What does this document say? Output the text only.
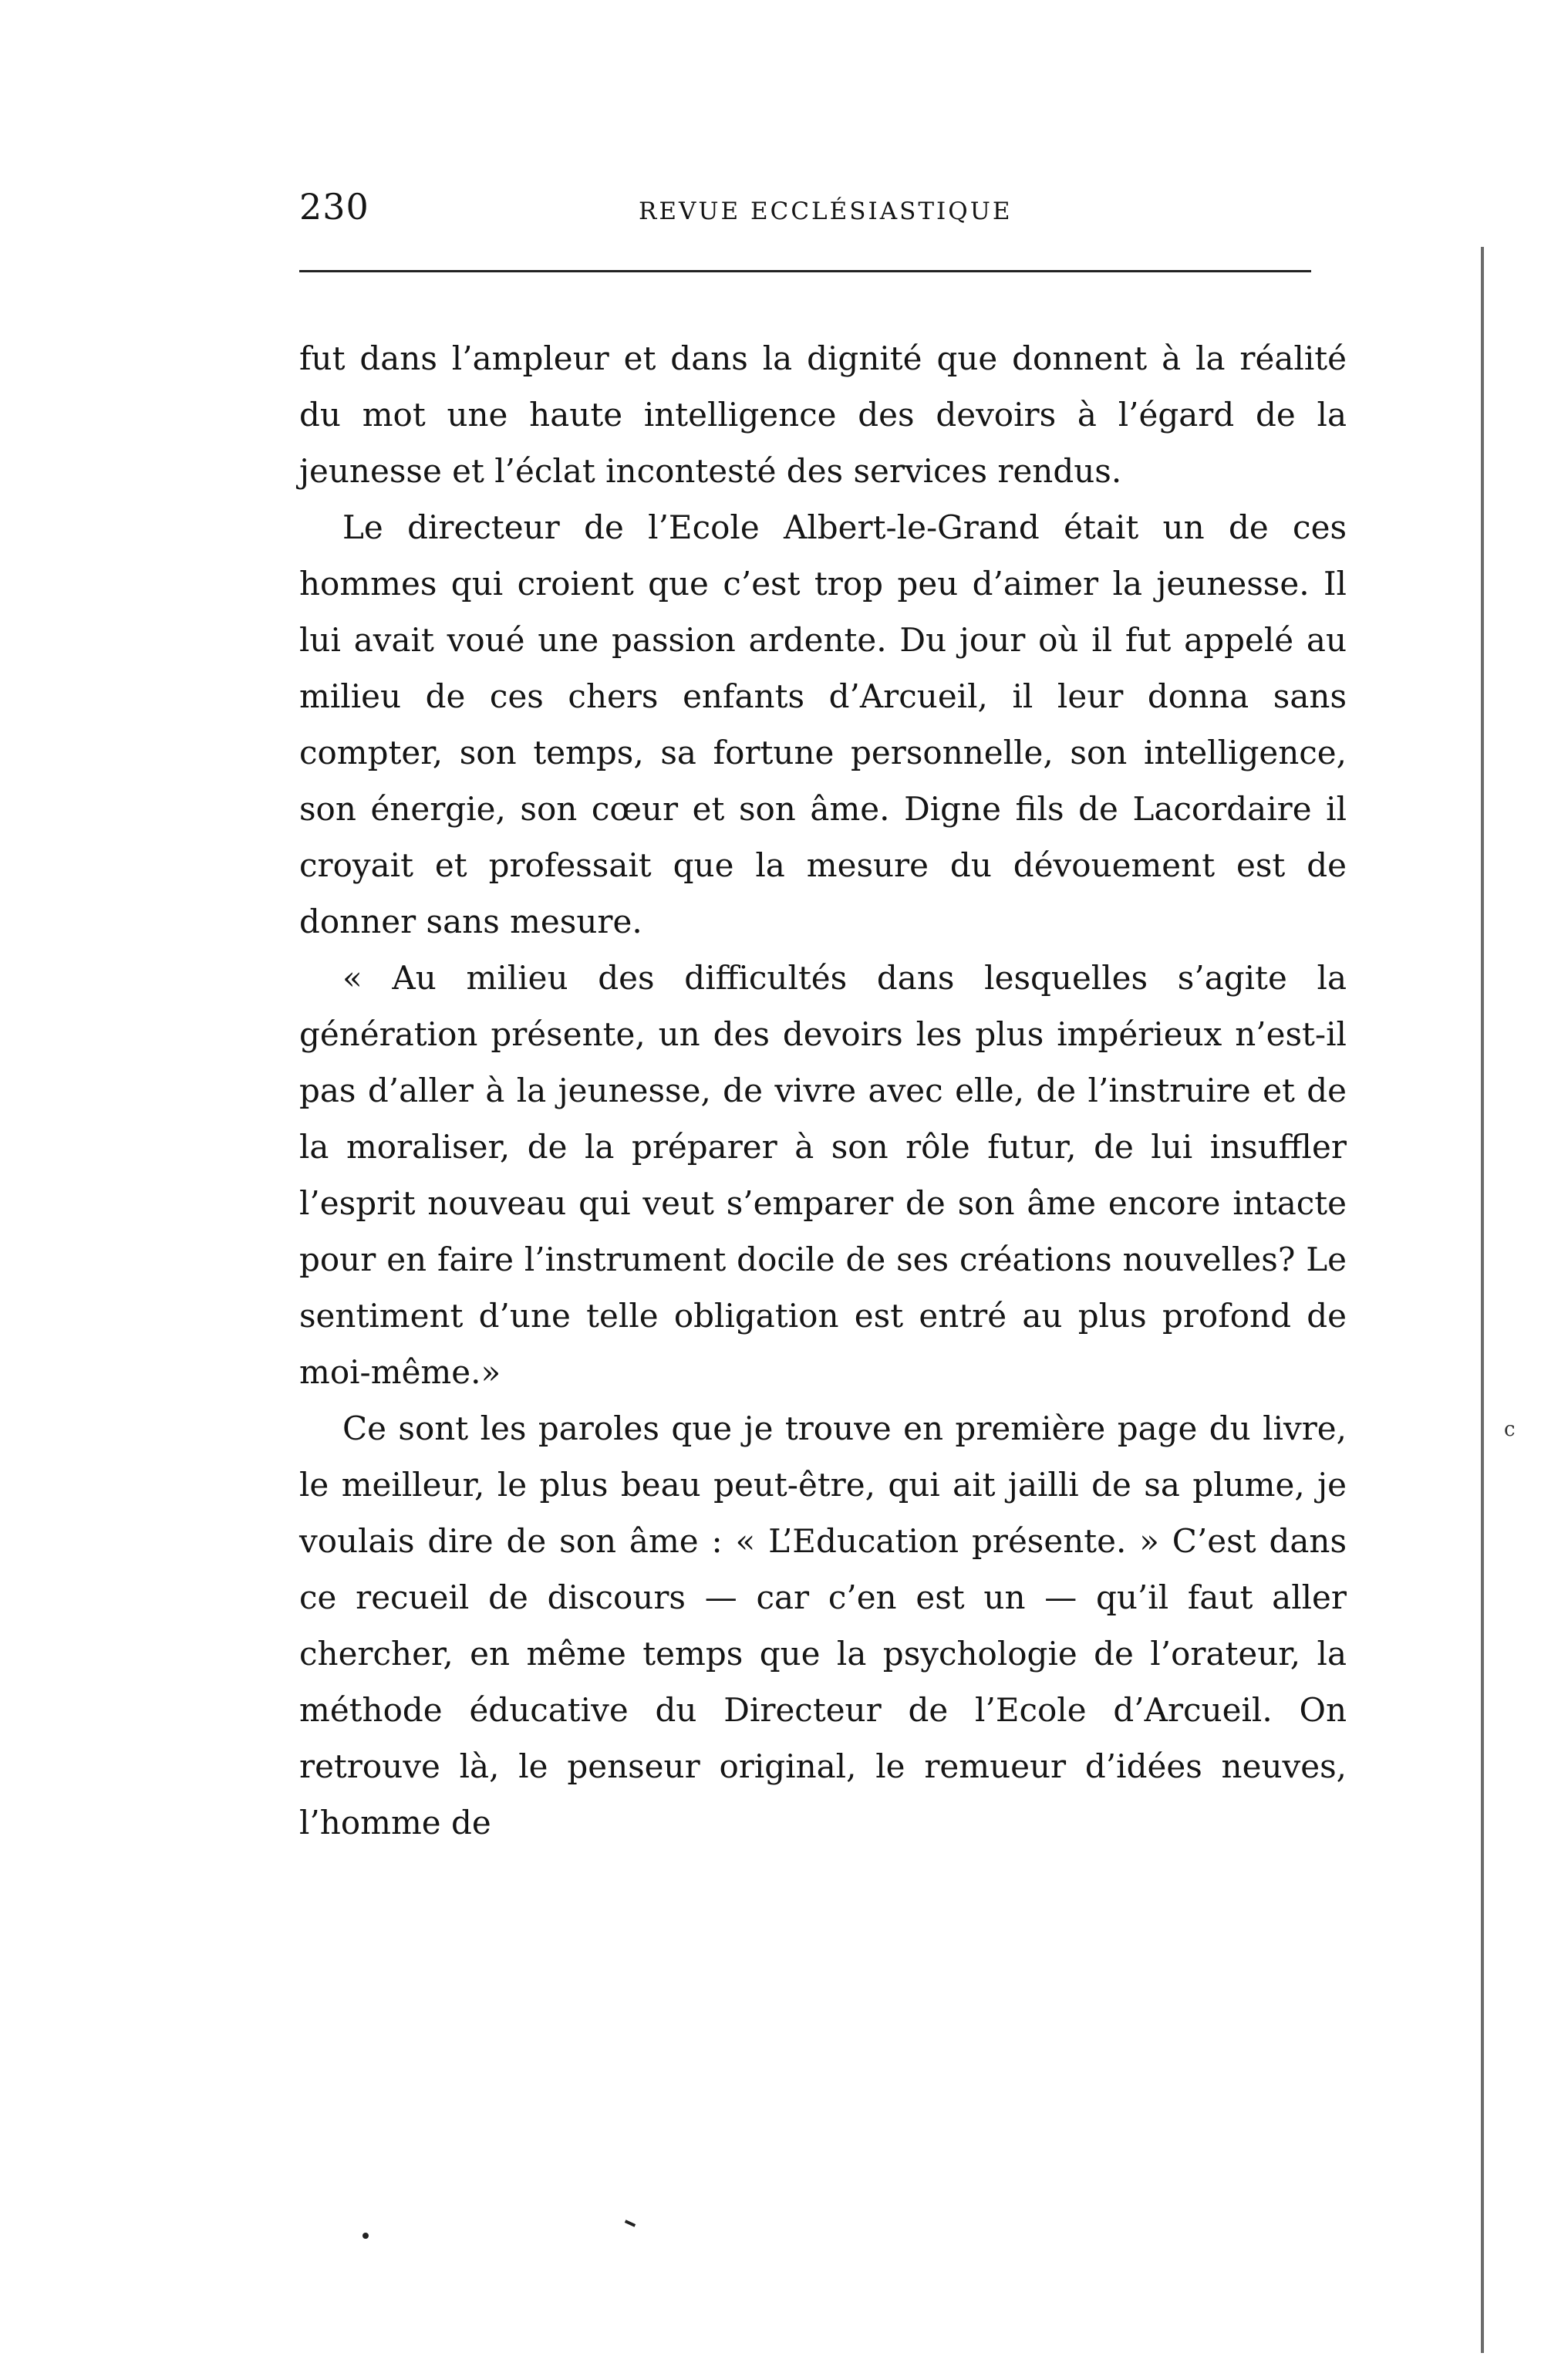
230	REVUE ECCLÉSIASTIQUE

fut dans l’ampleur et dans la dignité que donnent à la réalité du mot une haute intelligence des devoirs à l’égard de la jeunesse et l’éclat incontesté des services rendus.

Le directeur de l’Ecole Albert-le-Grand était un de ces hommes qui croient que c’est trop peu d’aimer la jeunesse. Il lui avait voué une passion ardente. Du jour où il fut appelé au milieu de ces chers enfants d’Arcueil, il leur donna sans compter, son temps, sa fortune personnelle, son intelligence, son énergie, son cœur et son âme. Digne fils de Lacordaire il croyait et professait que la mesure du dévouement est de donner sans mesure.

« Au milieu des difficultés dans lesquelles s’agite la génération présente, un des devoirs les plus impérieux n’est-il pas d’aller à la jeunesse, de vivre avec elle, de l’instruire et de la moraliser, de la préparer à son rôle futur, de lui insuffler l’esprit nouveau qui veut s’emparer de son âme encore intacte pour en faire l’instrument docile de ses créations nouvelles? Le sentiment d’une telle obligation est entré au plus profond de moi-même.»

Ce sont les paroles que je trouve en première page du livre, le meilleur, le plus beau peut-être, qui ait jailli de sa plume, je voulais dire de son âme : « L’Education présente. » C’est dans ce recueil de discours — car c’en est un — qu’il faut aller chercher, en même temps que la psychologie de l’orateur, la méthode éducative du Directeur de l’Ecole d’Arcueil. On retrouve là, le penseur original, le remueur d’idées neuves, l’homme de

c
